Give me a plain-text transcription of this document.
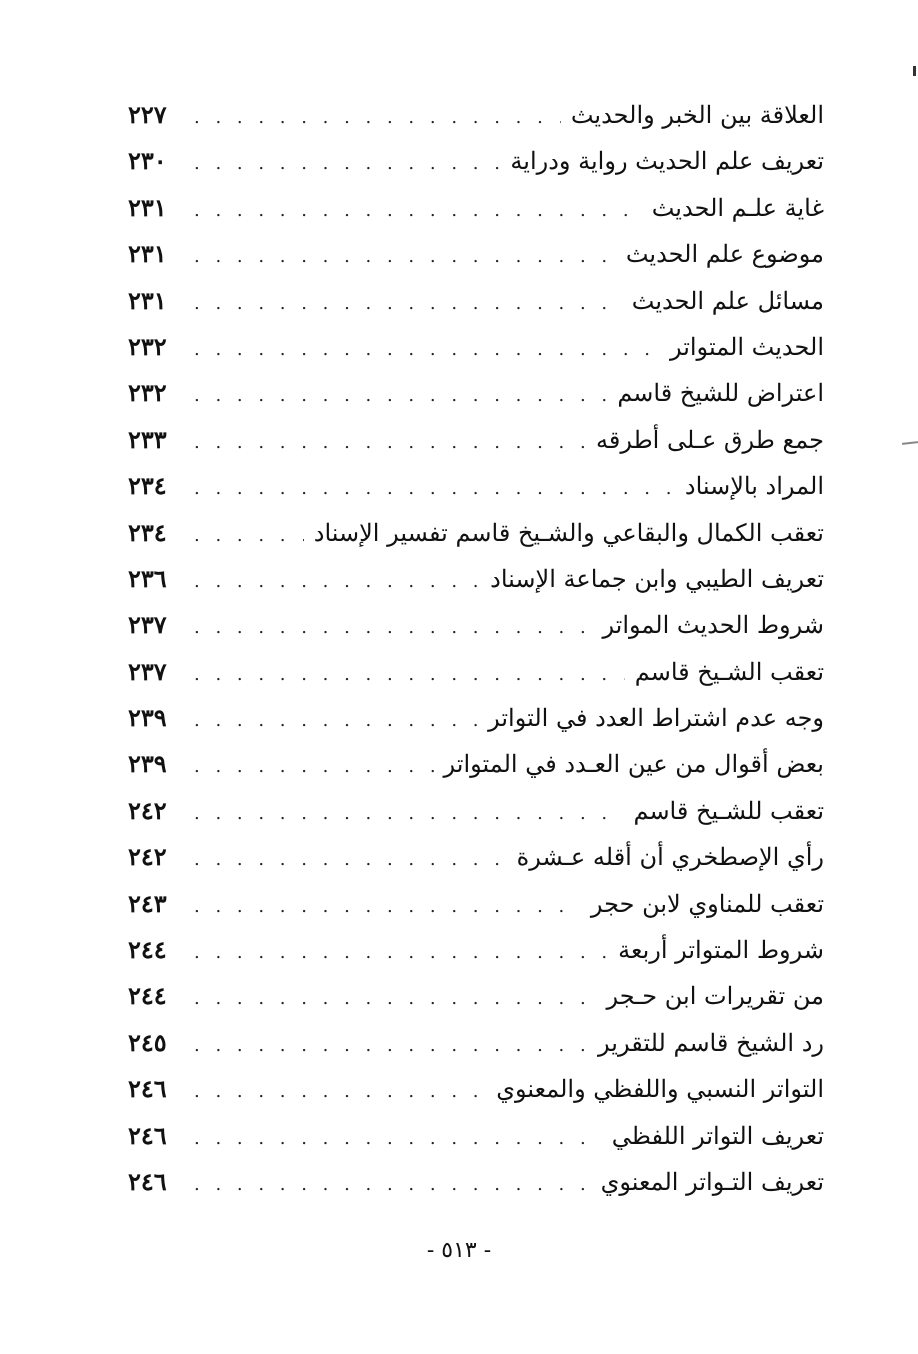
العلاقة بين الخبر والحديث
. . .
٢٢٧
تعريف علم الحديث رواية ودراية
. . .
٢٣٠
غاية علـم الحديث
. . .
٢٣١
موضوع علم الحديث
. . .
٢٣١
مسائل علم الحديث
. . .
٢٣١
الحديث المتواتر
. . .
٢٣٢
اعتراض للشيخ قاسم
. . .
٢٣٢
جمع طرق عـلى أطرقه
. . .
٢٣٣
المراد بالإسناد
. . .
٢٣٤
تعقب الكمال والبقاعي والشـيخ قاسم تفسير الإسناد
. . .
٢٣٤
تعريف الطيبي وابن جماعة الإسناد
. . .
٢٣٦
شروط الحديث المواتر
. . .
٢٣٧
تعقب الشـيخ قاسم
. . .
٢٣٧
وجه عدم اشتراط العدد في التواتر
. . .
٢٣٩
بعض أقوال من عين العـدد في المتواتر
. . .
٢٣٩
تعقب للشـيخ قاسم
. . .
٢٤٢
رأي الإصطخري أن أقله عـشرة
. . .
٢٤٢
تعقب للمناوي لابن حجر
. . .
٢٤٣
شروط المتواتر أربعة
. . .
٢٤٤
من تقريرات ابن حـجر
. . .
٢٤٤
رد الشيخ قاسم للتقرير
. . .
٢٤٥
التواتر النسبي واللفظي والمعنوي
. . .
٢٤٦
تعريف التواتر اللفظي
. . .
٢٤٦
تعريف التـواتر المعنوي
. . .
٢٤٦
- ٥١٣ -
